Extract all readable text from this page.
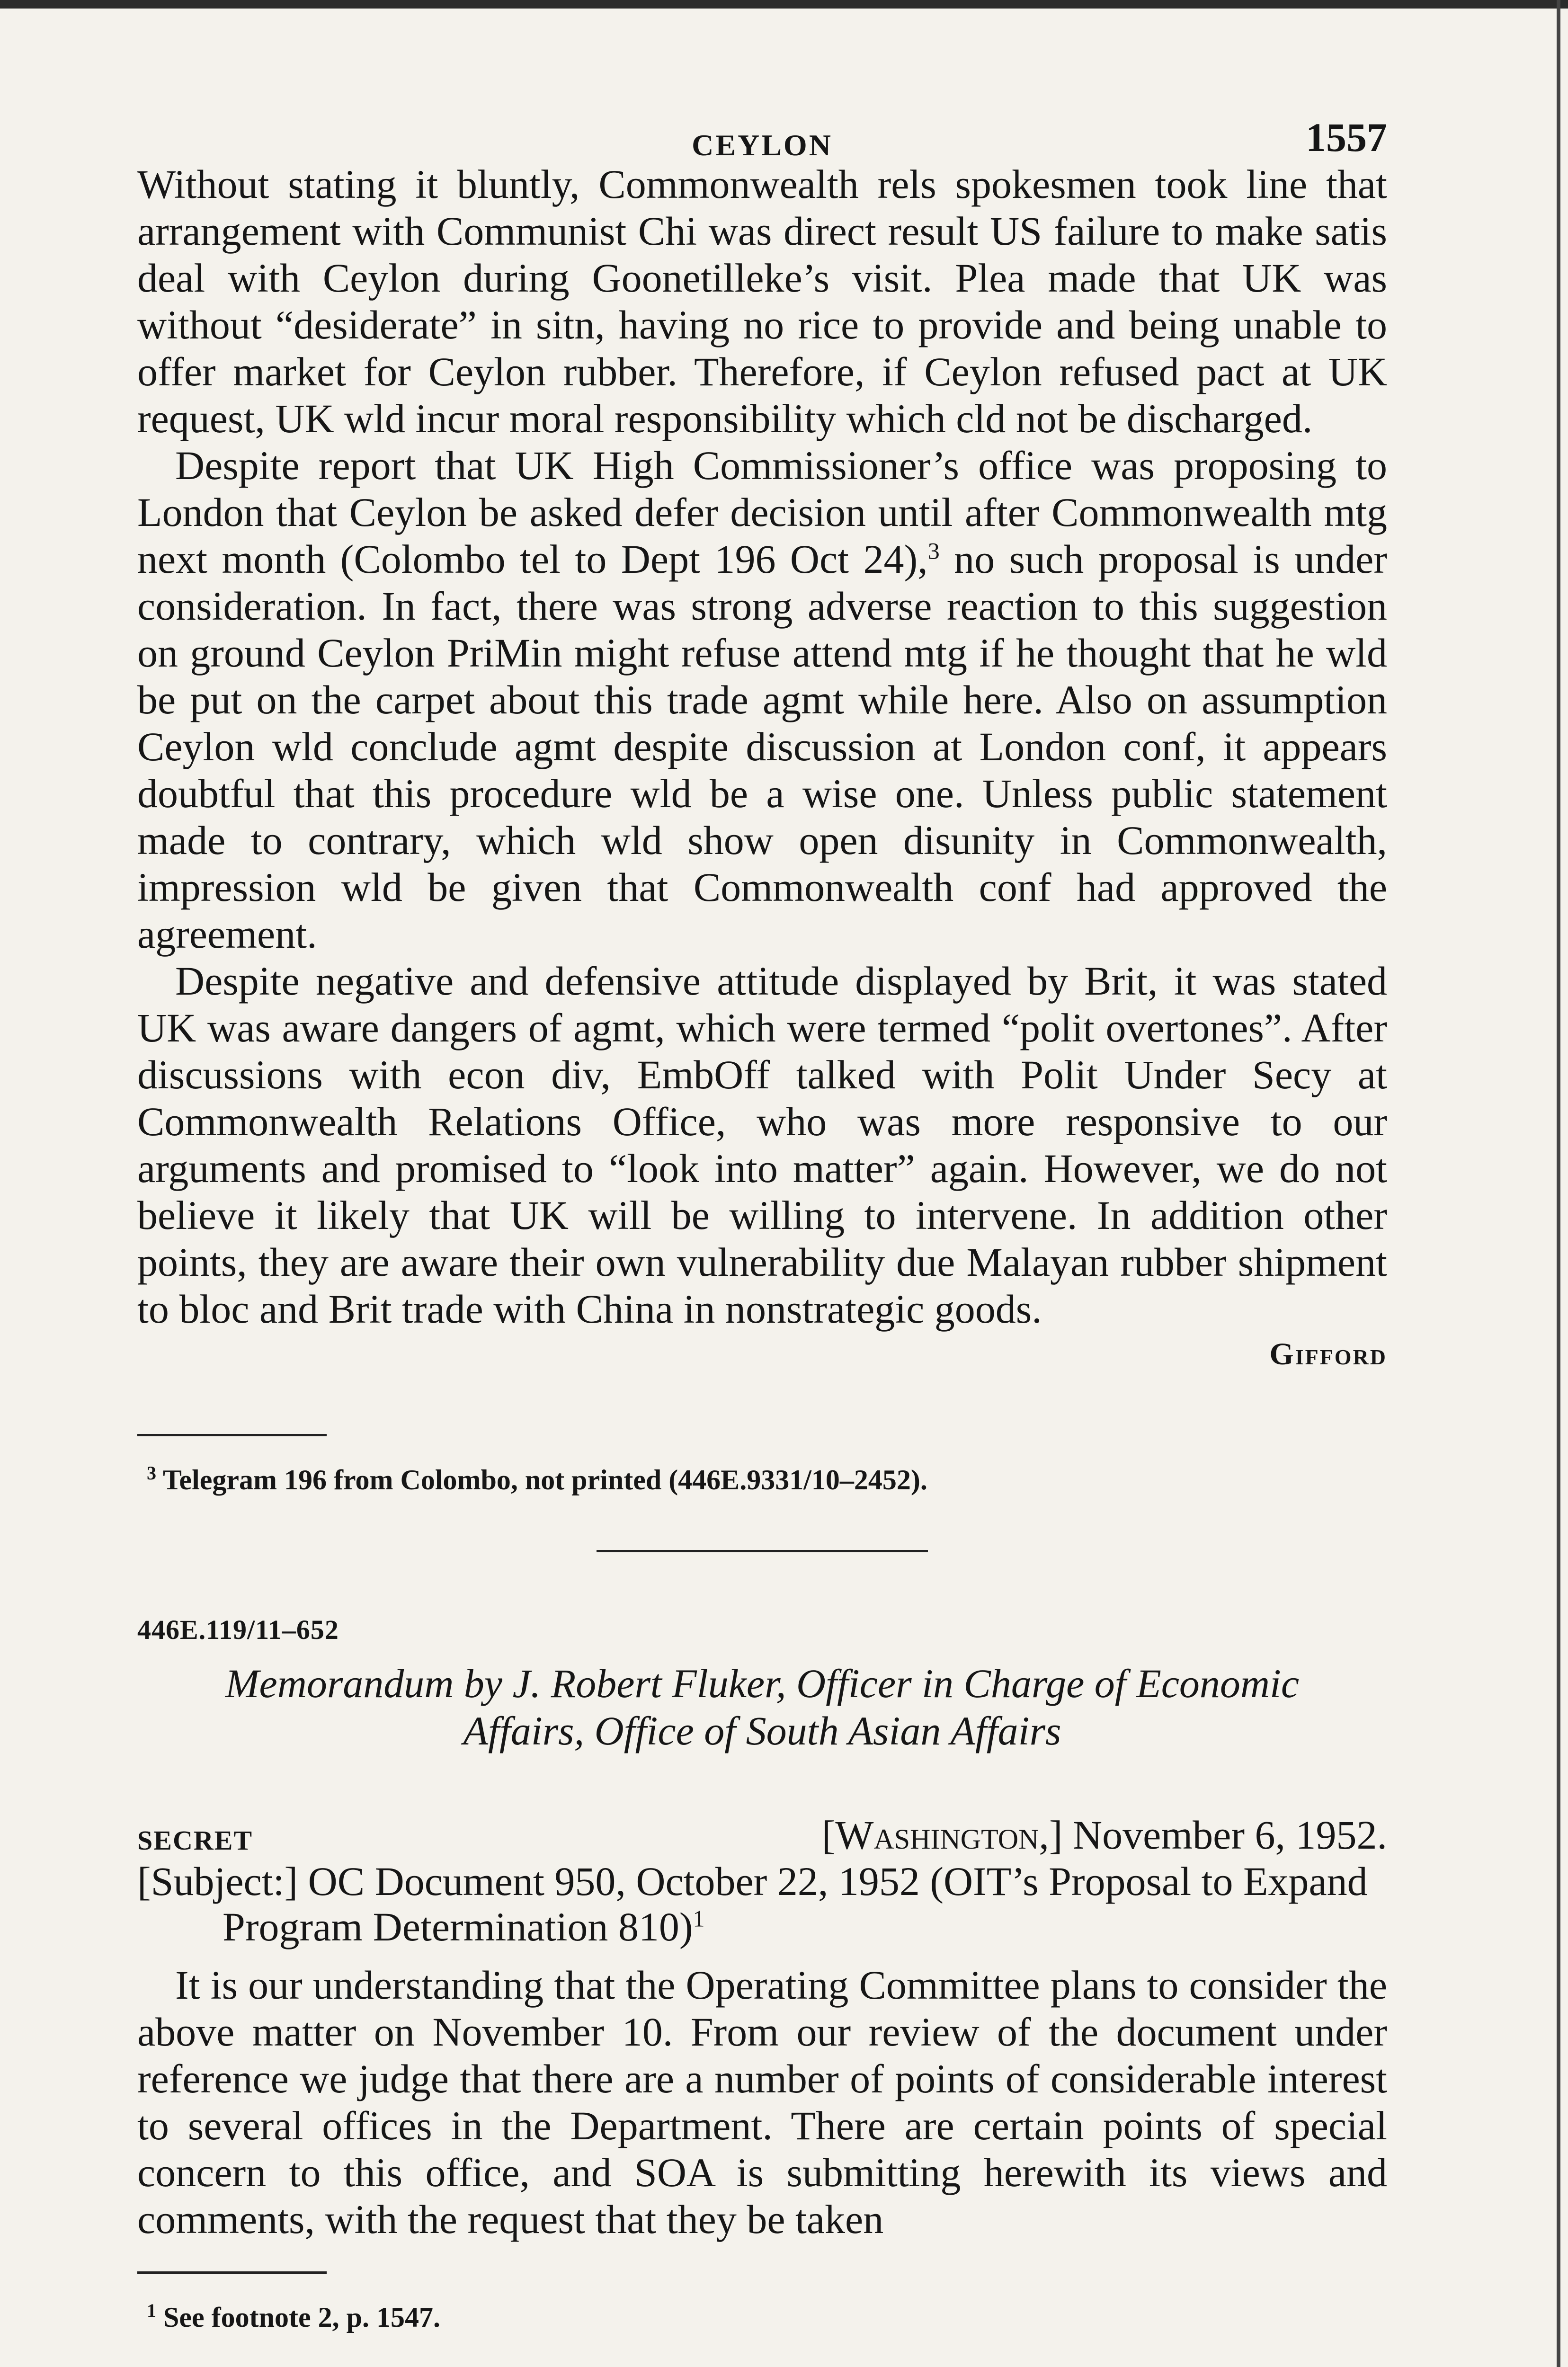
CEYLON	1557

Without stating it bluntly, Commonwealth rels spokesmen took line that arrangement with Communist Chi was direct result US failure to make satis deal with Ceylon during Goonetilleke’s visit. Plea made that UK was without “desiderate” in sitn, having no rice to provide and being unable to offer market for Ceylon rubber. Therefore, if Ceylon refused pact at UK request, UK wld incur moral responsibility which cld not be discharged.

Despite report that UK High Commissioner’s office was proposing to London that Ceylon be asked defer decision until after Commonwealth mtg next month (Colombo tel to Dept 196 Oct 24),$^3$ no such proposal is under consideration. In fact, there was strong adverse reaction to this suggestion on ground Ceylon PriMin might refuse attend mtg if he thought that he wld be put on the carpet about this trade agmt while here. Also on assumption Ceylon wld conclude agmt despite discussion at London conf, it appears doubtful that this procedure wld be a wise one. Unless public statement made to contrary, which wld show open disunity in Commonwealth, impression wld be given that Commonwealth conf had approved the agreement.

Despite negative and defensive attitude displayed by Brit, it was stated UK was aware dangers of agmt, which were termed “polit overtones”. After discussions with econ div, EmbOff talked with Polit Under Secy at Commonwealth Relations Office, who was more responsive to our arguments and promised to “look into matter” again. However, we do not believe it likely that UK will be willing to intervene. In addition other points, they are aware their own vulnerability due Malayan rubber shipment to bloc and Brit trade with China in nonstrategic goods.

Gifford
$^3$ Telegram 196 from Colombo, not printed (446E.9331/10–2452).
446E.119/11–652
Memorandum by J. Robert Fluker, Officer in Charge of Economic
Affairs, Office of South Asian Affairs
SECRET	[Washington,] November 6, 1952.
[Subject:] OC Document 950, October 22, 1952 (OIT’s Proposal to Expand Program Determination 810)$^1$

It is our understanding that the Operating Committee plans to consider the above matter on November 10. From our review of the document under reference we judge that there are a number of points of considerable interest to several offices in the Department. There are certain points of special concern to this office, and SOA is submitting herewith its views and comments, with the request that they be taken

$^1$ See footnote 2, p. 1547.
